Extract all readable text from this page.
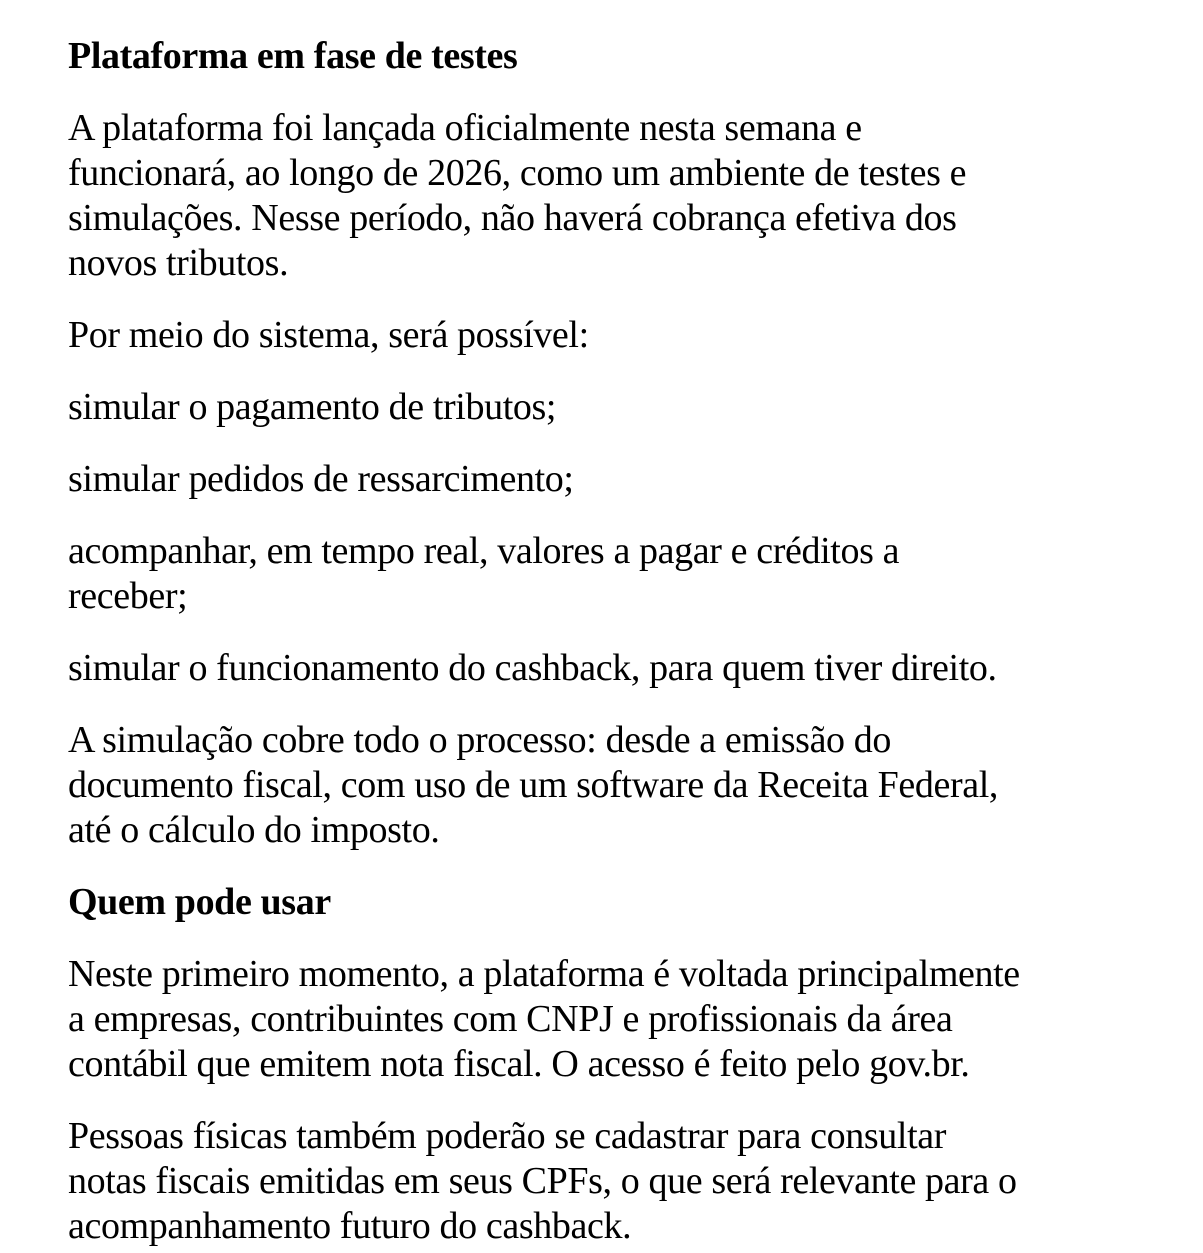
Plataforma em fase de testes

A plataforma foi lançada oficialmente nesta semana e
funcionará, ao longo de 2026, como um ambiente de testes e
simulações. Nesse período, não haverá cobrança efetiva dos
novos tributos.

Por meio do sistema, será possível:

simular o pagamento de tributos;

simular pedidos de ressarcimento;

acompanhar, em tempo real, valores a pagar e créditos a
receber;

simular o funcionamento do cashback, para quem tiver direito.

A simulação cobre todo o processo: desde a emissão do
documento fiscal, com uso de um software da Receita Federal,
até o cálculo do imposto.

Quem pode usar

Neste primeiro momento, a plataforma é voltada principalmente
a empresas, contribuintes com CNPJ e profissionais da área
contábil que emitem nota fiscal. O acesso é feito pelo gov.br.

Pessoas físicas também poderão se cadastrar para consultar
notas fiscais emitidas em seus CPFs, o que será relevante para o
acompanhamento futuro do cashback.
